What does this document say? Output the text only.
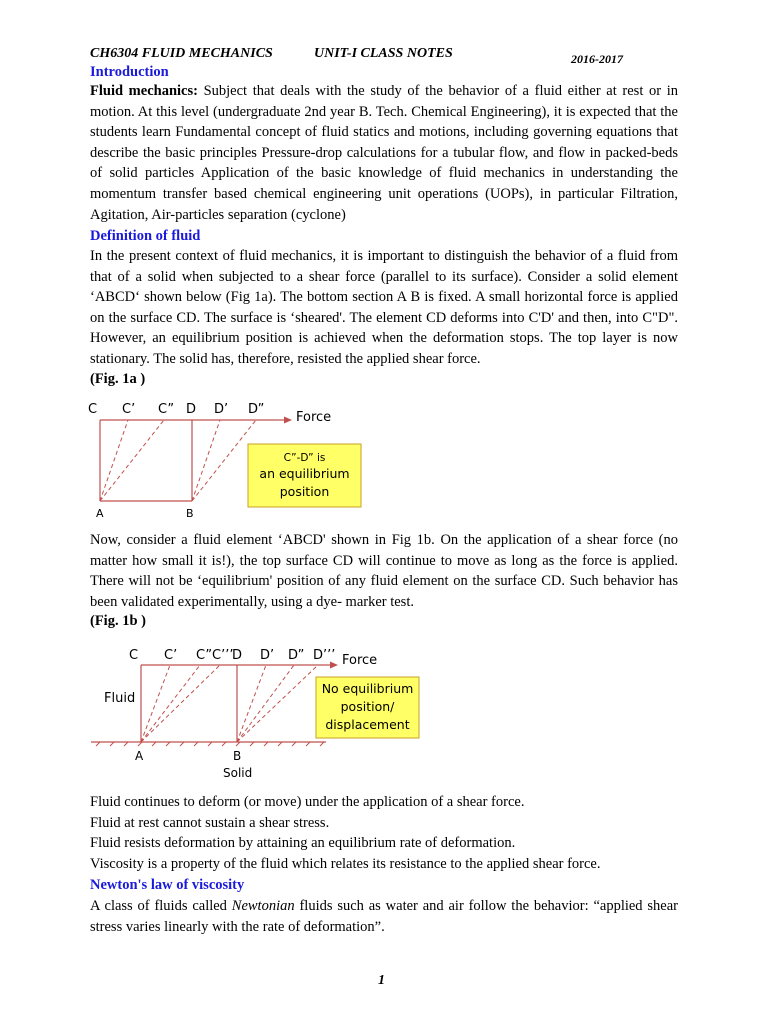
CH6304 FLUID MECHANICS	UNIT-I CLASS NOTES	2016-2017
Introduction
Fluid mechanics: Subject that deals with the study of the behavior of a fluid either at rest or in motion. At this level (undergraduate 2nd year B. Tech. Chemical Engineering), it is expected that the students learn Fundamental concept of fluid statics and motions, including governing equations that describe the basic principles Pressure-drop calculations for a tubular flow, and flow in packed-beds of solid particles Application of the basic knowledge of fluid mechanics in understanding the momentum transfer based chemical engineering unit operations (UOPs), in particular Filtration, Agitation, Air-particles separation (cyclone)
Definition of fluid
In the present context of fluid mechanics, it is important to distinguish the behavior of a fluid from that of a solid when subjected to a shear force (parallel to its surface). Consider a solid element ‘ABCD‘ shown below (Fig 1a). The bottom section A B is fixed. A small horizontal force is applied on the surface CD. The surface is ‘sheared'. The element CD deforms into C'D' and then, into C"D". However, an equilibrium position is achieved when the deformation stops. The top layer is now stationary. The solid has, therefore, resisted the applied shear force.
(Fig. 1a )
C C’ C” D D’ D”
Force
A	B
C”-D” is
an equilibrium
position
Now, consider a fluid element ‘ABCD' shown in Fig 1b. On the application of a shear force (no matter how small it is!), the top surface CD will continue to move as long as the force is applied. There will not be ‘equilibrium' position of any fluid element on the surface CD. Such behavior has been validated experimentally, using a dye- marker test.
(Fig. 1b )
C C’ C”C’’’
D D’ D” D’’’ Force
Fluid
A	B
Solid
No equilibrium
position/
displacement
Fluid continues to deform (or move) under the application of a shear force.
Fluid at rest cannot sustain a shear stress.
Fluid resists deformation by attaining an equilibrium rate of deformation.
Viscosity is a property of the fluid which relates its resistance to the applied shear force.
Newton's law of viscosity
A class of fluids called Newtonian fluids such as water and air follow the behavior: “applied shear stress varies linearly with the rate of deformation”.
1
